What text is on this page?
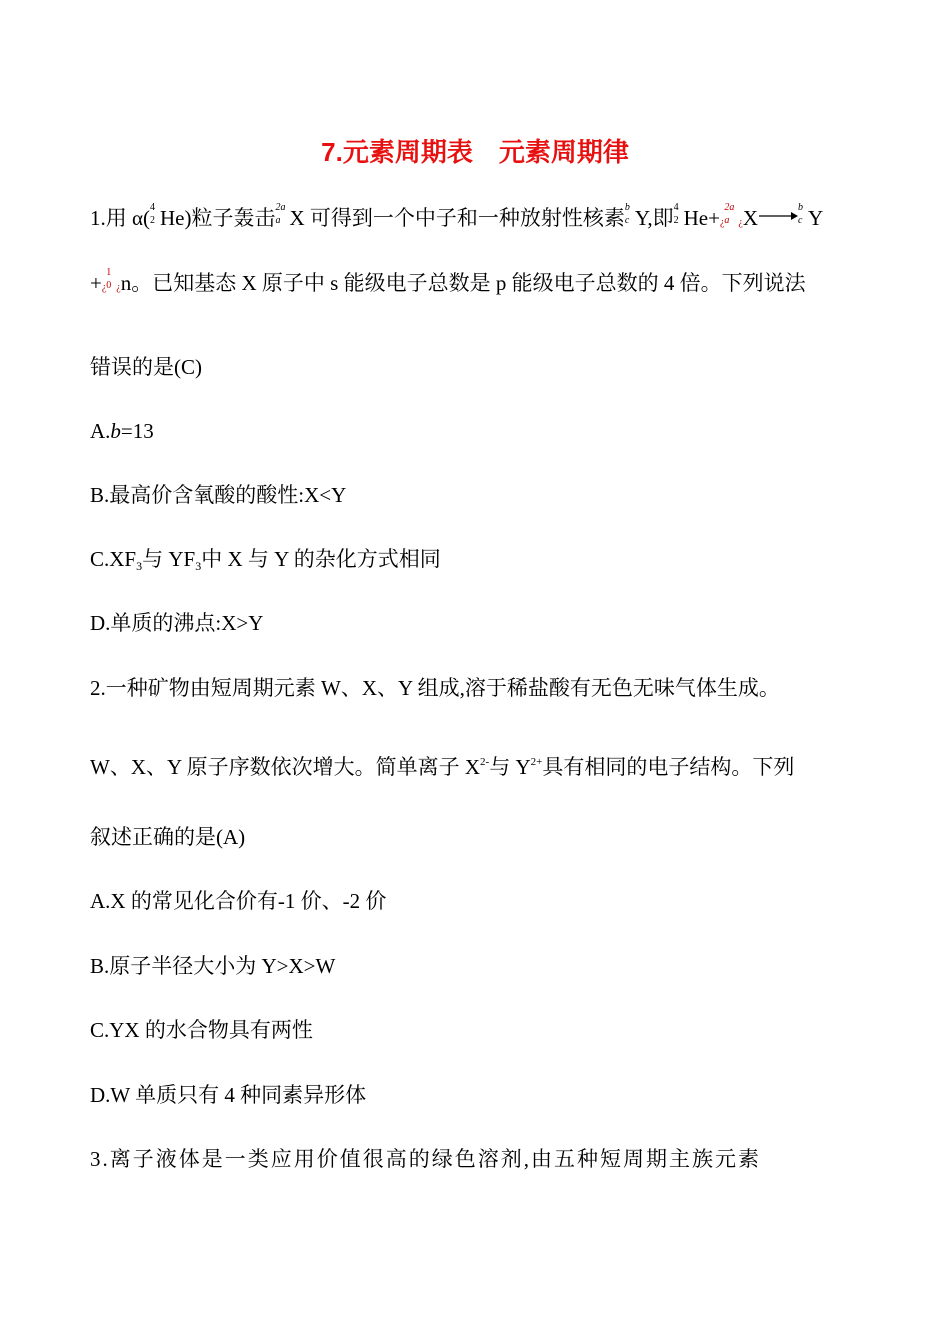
7.元素周期表　元素周期律
1.用 α( 4
2 He)粒子轰击 2a
a X 可得到一个中子和一种放射性核素 b
c Y,即 4
2 He+¿
2a
a ¿X→
b
c Y
+¿
1
0 ¿n。已知基态 X 原子中 s 能级电子总数是 p 能级电子总数的 4 倍。下列说法
错误的是(C)
A.b=13
B.最高价含氧酸的酸性:X<Y
$C.XF_3$与 $YF_3$中 X 与 Y 的杂化方式相同
D.单质的沸点:X>Y
2.一种矿物由短周期元素 W、X、Y 组成,溶于稀盐酸有无色无味气体生成。
W、X、Y 原子序数依次增大。简单离子 $X^{2-}$与 $Y^{2+}$具有相同的电子结构。下列
叙述正确的是(A)
A.X 的常见化合价有-1 价、-2 价
B.原子半径大小为 Y>X>W
C.YX 的水合物具有两性
D.W 单质只有 4 种同素异形体
3.离子液体是一类应用价值很高的绿色溶剂,由五种短周期主族元素
